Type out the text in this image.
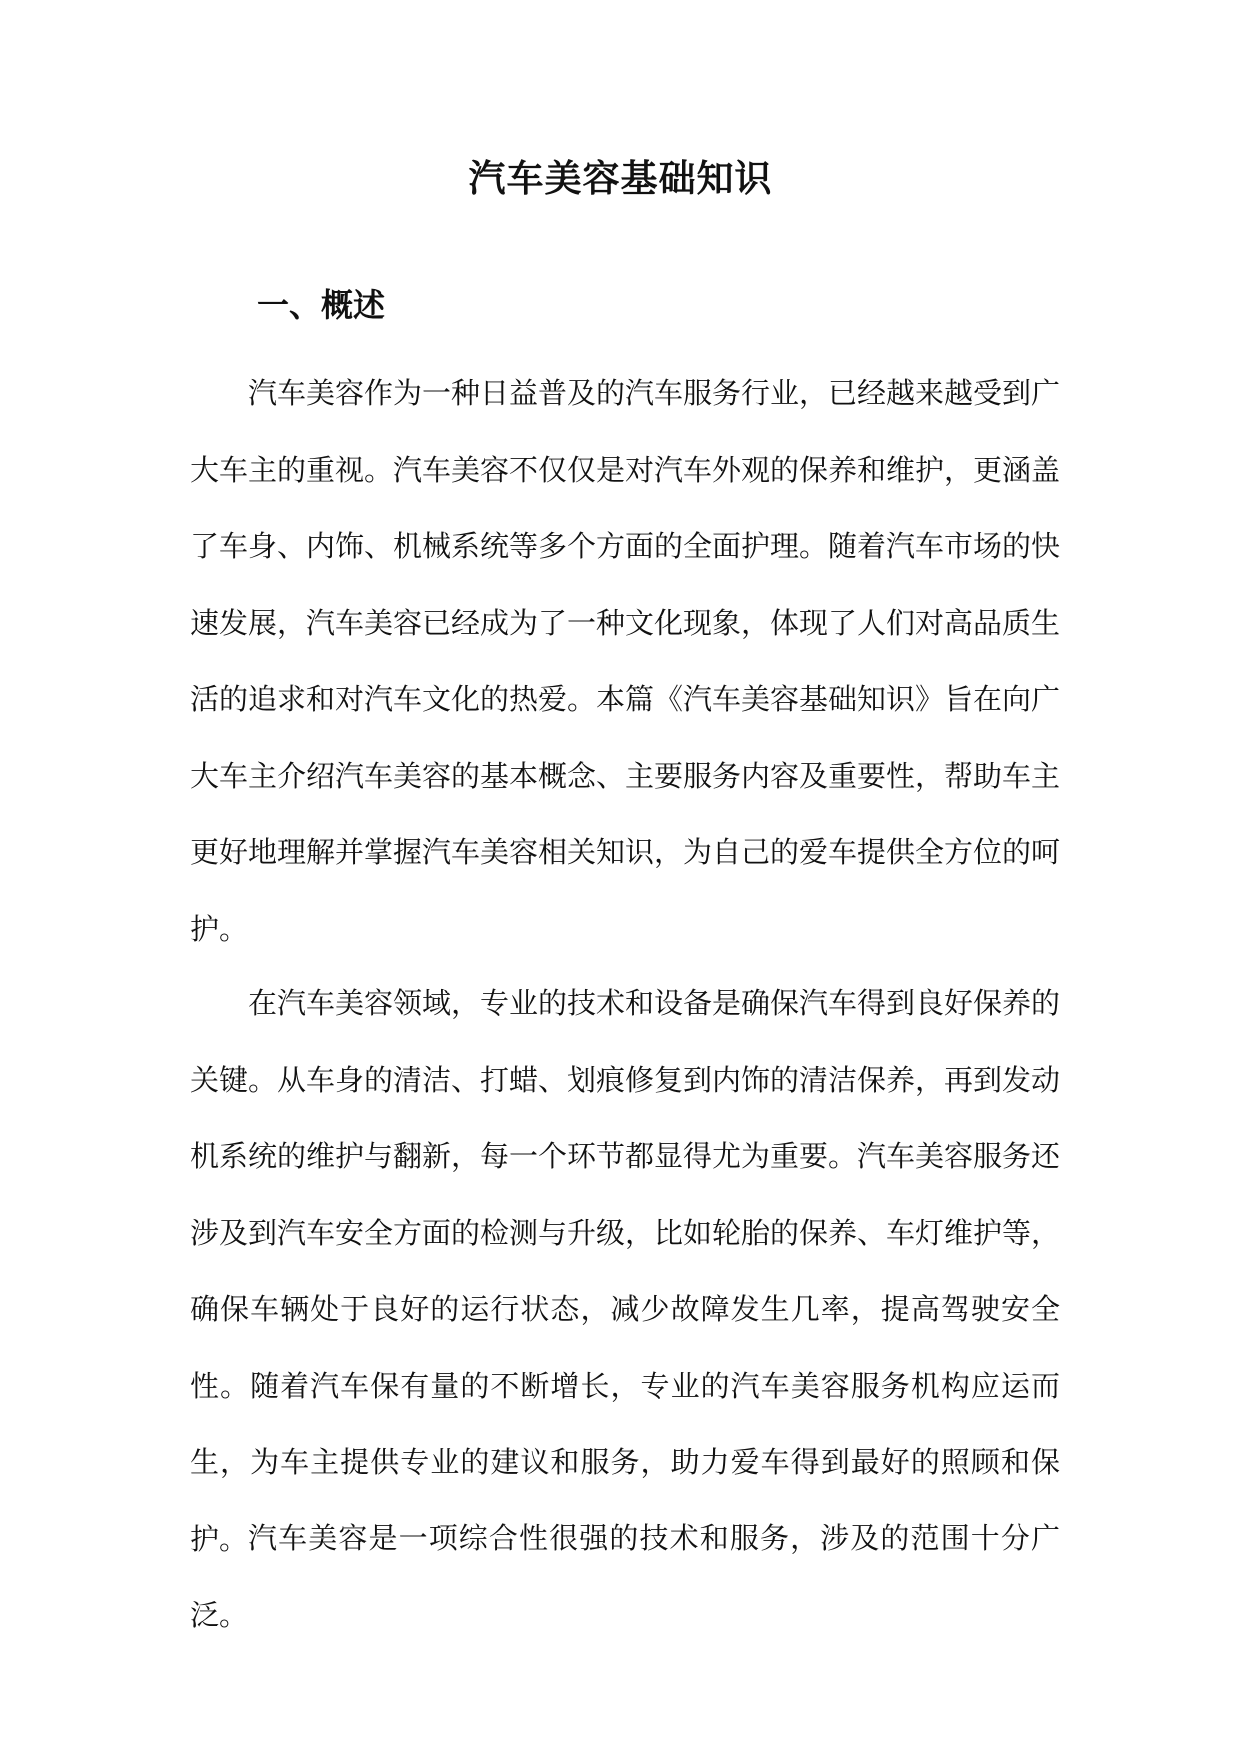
汽车美容基础知识
一、概述

汽车美容作为一种日益普及的汽车服务行业，已经越来越受到广大车主的重视。汽车美容不仅仅是对汽车外观的保养和维护，更涵盖了车身、内饰、机械系统等多个方面的全面护理。随着汽车市场的快速发展，汽车美容已经成为了一种文化现象，体现了人们对高品质生活的追求和对汽车文化的热爱。本篇《汽车美容基础知识》旨在向广大车主介绍汽车美容的基本概念、主要服务内容及重要性，帮助车主更好地理解并掌握汽车美容相关知识，为自己的爱车提供全方位的呵护。

在汽车美容领域，专业的技术和设备是确保汽车得到良好保养的关键。从车身的清洁、打蜡、划痕修复到内饰的清洁保养，再到发动机系统的维护与翻新，每一个环节都显得尤为重要。汽车美容服务还涉及到汽车安全方面的检测与升级，比如轮胎的保养、车灯维护等，确保车辆处于良好的运行状态，减少故障发生几率，提高驾驶安全性。随着汽车保有量的不断增长，专业的汽车美容服务机构应运而生，为车主提供专业的建议和服务，助力爱车得到最好的照顾和保护。 汽车美容是一项综合性很强的技术和服务，涉及的范围十分广泛。
